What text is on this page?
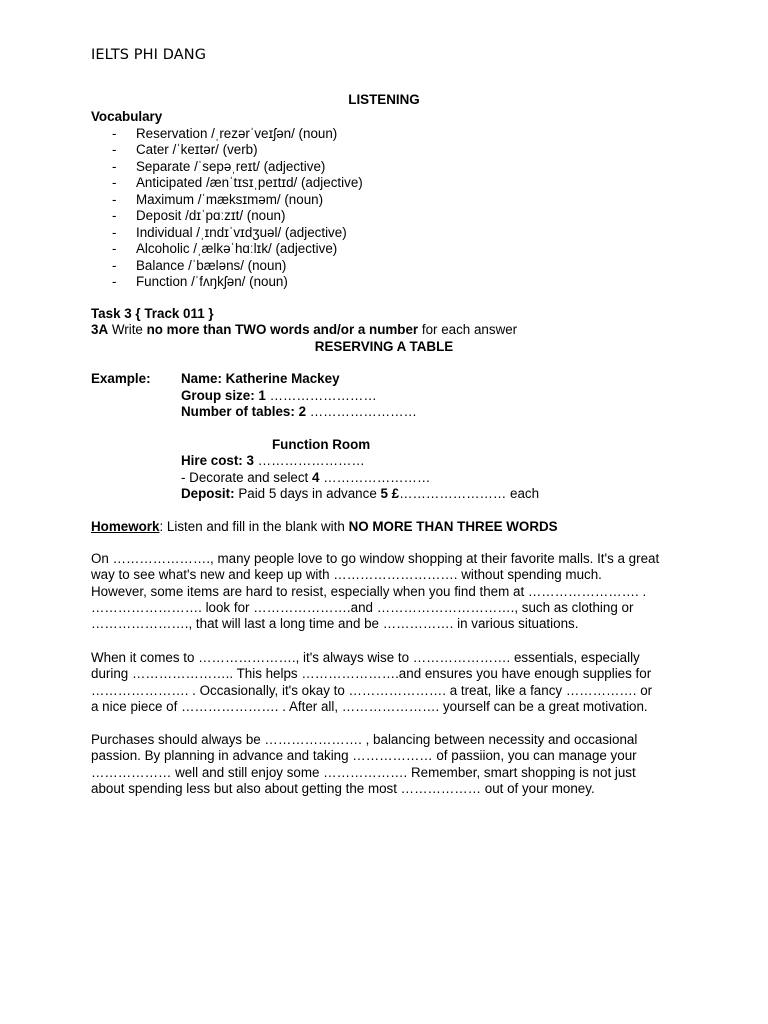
IELTS PHI DANG
LISTENING
Vocabulary
- Reservation /ˌrezərˈveɪʃən/ (noun)
- Cater /ˈkeɪtər/ (verb)
- Separate /ˈsepəˌreɪt/ (adjective)
- Anticipated /ænˈtɪsɪˌpeɪtɪd/ (adjective)
- Maximum /ˈmæksɪməm/ (noun)
- Deposit /dɪˈpɑːzɪt/ (noun)
- Individual /ˌɪndɪˈvɪdʒuəl/ (adjective)
- Alcoholic /ˌælkəˈhɑːlɪk/ (adjective)
- Balance /ˈbæləns/ (noun)
- Function /ˈfʌŋkʃən/ (noun)
Task 3 { Track 011 }
3A Write no more than TWO words and/or a number for each answer
RESERVING A TABLE
Example: Name: Katherine Mackey
Group size: 1 ……………………
Number of tables: 2 ……………………
Function Room
Hire cost: 3 ……………………
- Decorate and select 4 ……………………
Deposit: Paid 5 days in advance 5 £…………………… each
Homework: Listen and fill in the blank with NO MORE THAN THREE WORDS
On …………………., many people love to go window shopping at their favorite malls. It's a great
way to see what's new and keep up with ………………………. without spending much.
However, some items are hard to resist, especially when you find them at ……………………. .
……………………. look for ………………….and …………………………., such as clothing or
…………………., that will last a long time and be ……………. in various situations.
When it comes to …………………., it's always wise to …………………. essentials, especially
during ………………….. This helps ………………….and ensures you have enough supplies for
…………………. . Occasionally, it's okay to …………………. a treat, like a fancy ……………. or
a nice piece of …………………. . After all, …………………. yourself can be a great motivation.
Purchases should always be …………………. , balancing between necessity and occasional
passion. By planning in advance and taking ……………… of passiion, you can manage your
……………… well and still enjoy some ………………. Remember, smart shopping is not just
about spending less but also about getting the most ……………… out of your money.
